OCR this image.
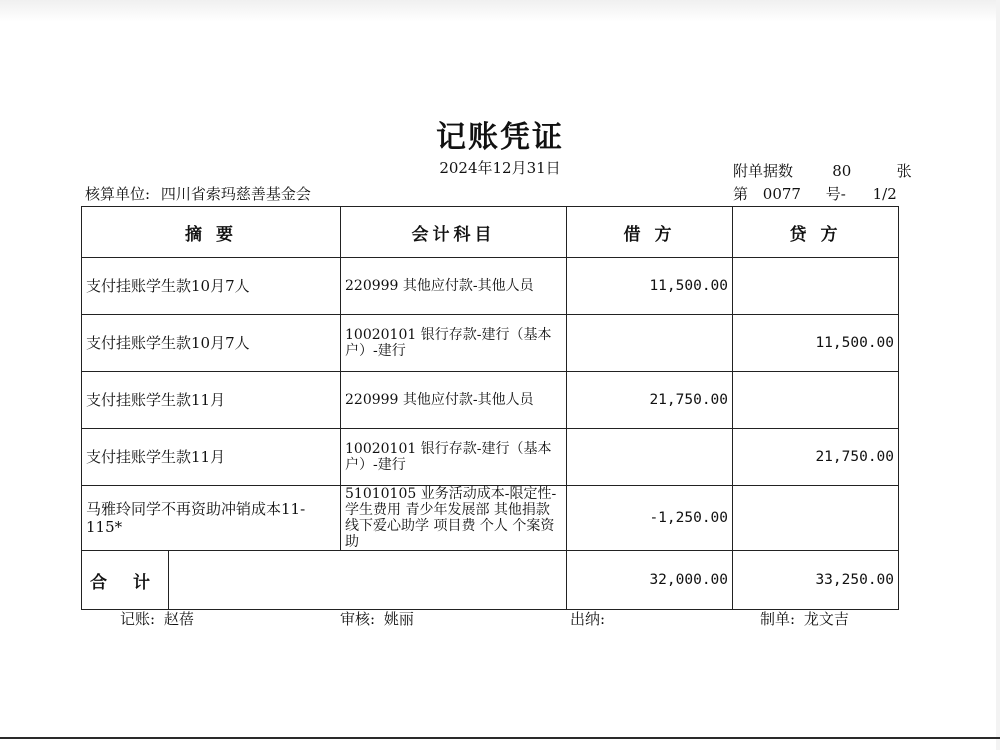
记账凭证
2024年12月31日	附单据数	80	张
核算单位: 四川省索玛慈善基金会	第 0077 号- 1/2
摘 要		会计科目	借 方	贷 方
支付挂账学生款10月7人		220999 其他应付款-其他人员	11,500.00	
支付挂账学生款10月7人		10020101 银行存款-建行（基本户）-建行		11,500.00
支付挂账学生款11月		220999 其他应付款-其他人员	21,750.00	
支付挂账学生款11月		10020101 银行存款-建行（基本户）-建行		21,750.00
马雅玲同学不再资助冲销成本11-115*		51010105 业务活动成本-限定性-学生费用 青少年发展部 其他捐款 线下爱心助学 项目费 个人 个案资助	-1,250.00	
合 计			32,000.00	33,250.00
记账: 赵蓓	审核: 姚丽	出纳:	制单: 龙文吉
